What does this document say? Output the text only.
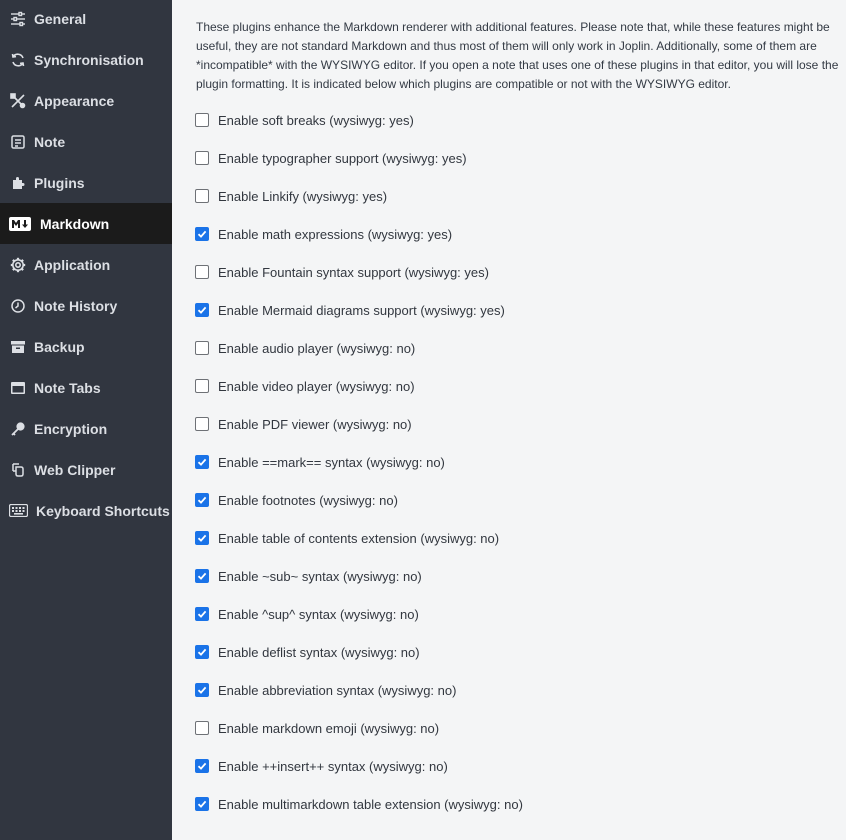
General
Synchronisation
Appearance
Note
Plugins
Markdown
Application
Note History
Backup
Note Tabs
Encryption
Web Clipper
Keyboard Shortcuts

These plugins enhance the Markdown renderer with additional features. Please note that, while these features might be useful, they are not standard Markdown and thus most of them will only work in Joplin. Additionally, some of them are *incompatible* with the WYSIWYG editor. If you open a note that uses one of these plugins in that editor, you will lose the plugin formatting. It is indicated below which plugins are compatible or not with the WYSIWYG editor.

Enable soft breaks (wysiwyg: yes)
Enable typographer support (wysiwyg: yes)
Enable Linkify (wysiwyg: yes)
Enable math expressions (wysiwyg: yes)
Enable Fountain syntax support (wysiwyg: yes)
Enable Mermaid diagrams support (wysiwyg: yes)
Enable audio player (wysiwyg: no)
Enable video player (wysiwyg: no)
Enable PDF viewer (wysiwyg: no)
Enable ==mark== syntax (wysiwyg: no)
Enable footnotes (wysiwyg: no)
Enable table of contents extension (wysiwyg: no)
Enable ~sub~ syntax (wysiwyg: no)
Enable ^sup^ syntax (wysiwyg: no)
Enable deflist syntax (wysiwyg: no)
Enable abbreviation syntax (wysiwyg: no)
Enable markdown emoji (wysiwyg: no)
Enable ++insert++ syntax (wysiwyg: no)
Enable multimarkdown table extension (wysiwyg: no)
